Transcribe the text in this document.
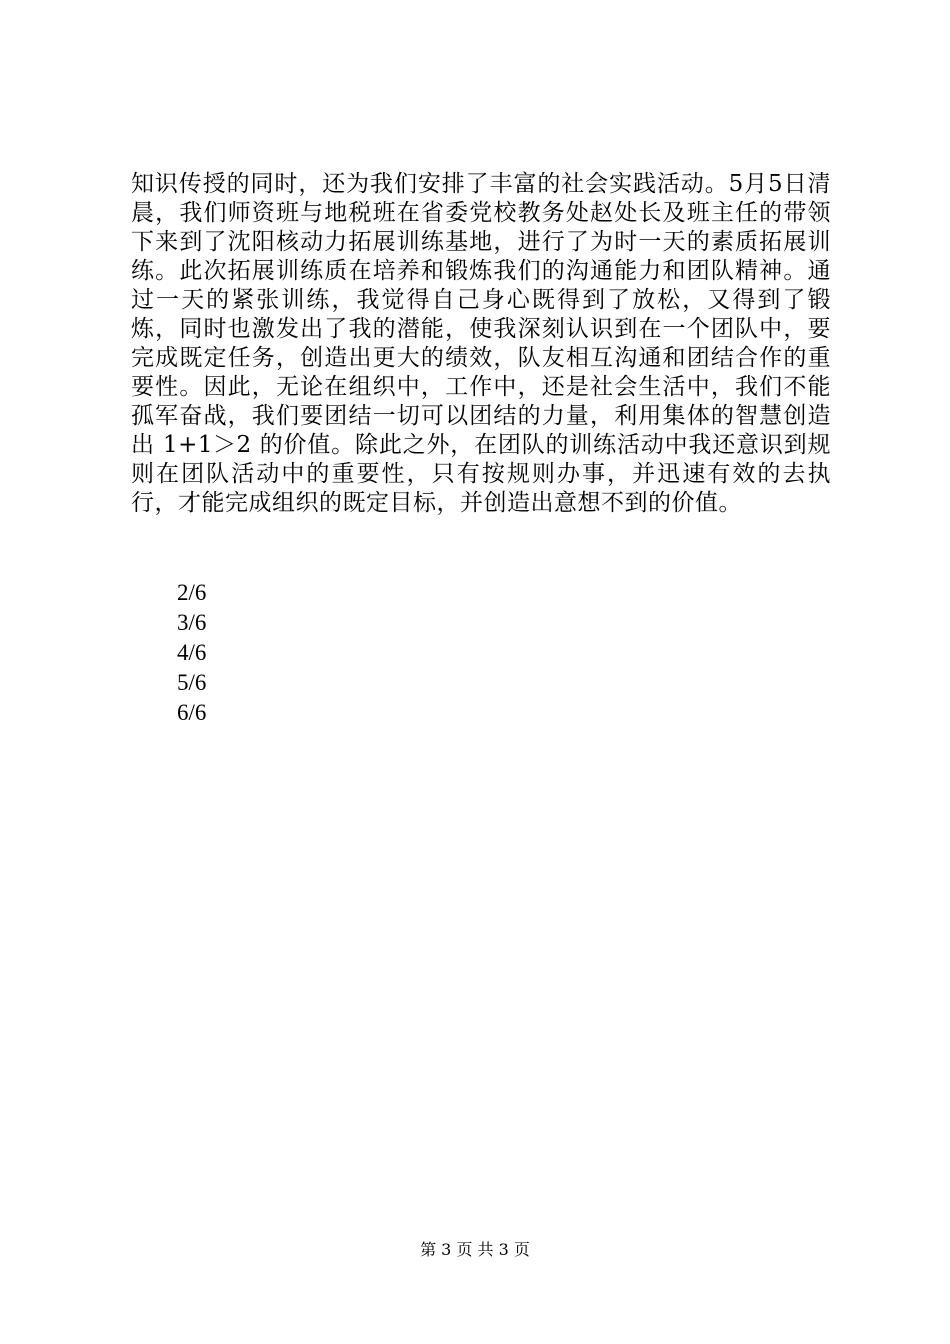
知识传授的同时，还为我们安排了丰富的社会实践活动。5月5日清晨，我们师资班与地税班在省委党校教务处赵处长及班主任的带领下来到了沈阳核动力拓展训练基地，进行了为时一天的素质拓展训练。此次拓展训练质在培养和锻炼我们的沟通能力和团队精神。通过一天的紧张训练，我觉得自己身心既得到了放松，又得到了锻炼，同时也激发出了我的潜能，使我深刻认识到在一个团队中，要完成既定任务，创造出更大的绩效，队友相互沟通和团结合作的重要性。因此，无论在组织中，工作中，还是社会生活中，我们不能孤军奋战，我们要团结一切可以团结的力量，利用集体的智慧创造出 1+1＞2 的价值。除此之外，在团队的训练活动中我还意识到规则在团队活动中的重要性，只有按规则办事，并迅速有效的去执行，才能完成组织的既定目标，并创造出意想不到的价值。
2/6
3/6
4/6
5/6
6/6
第 3 页 共 3 页
